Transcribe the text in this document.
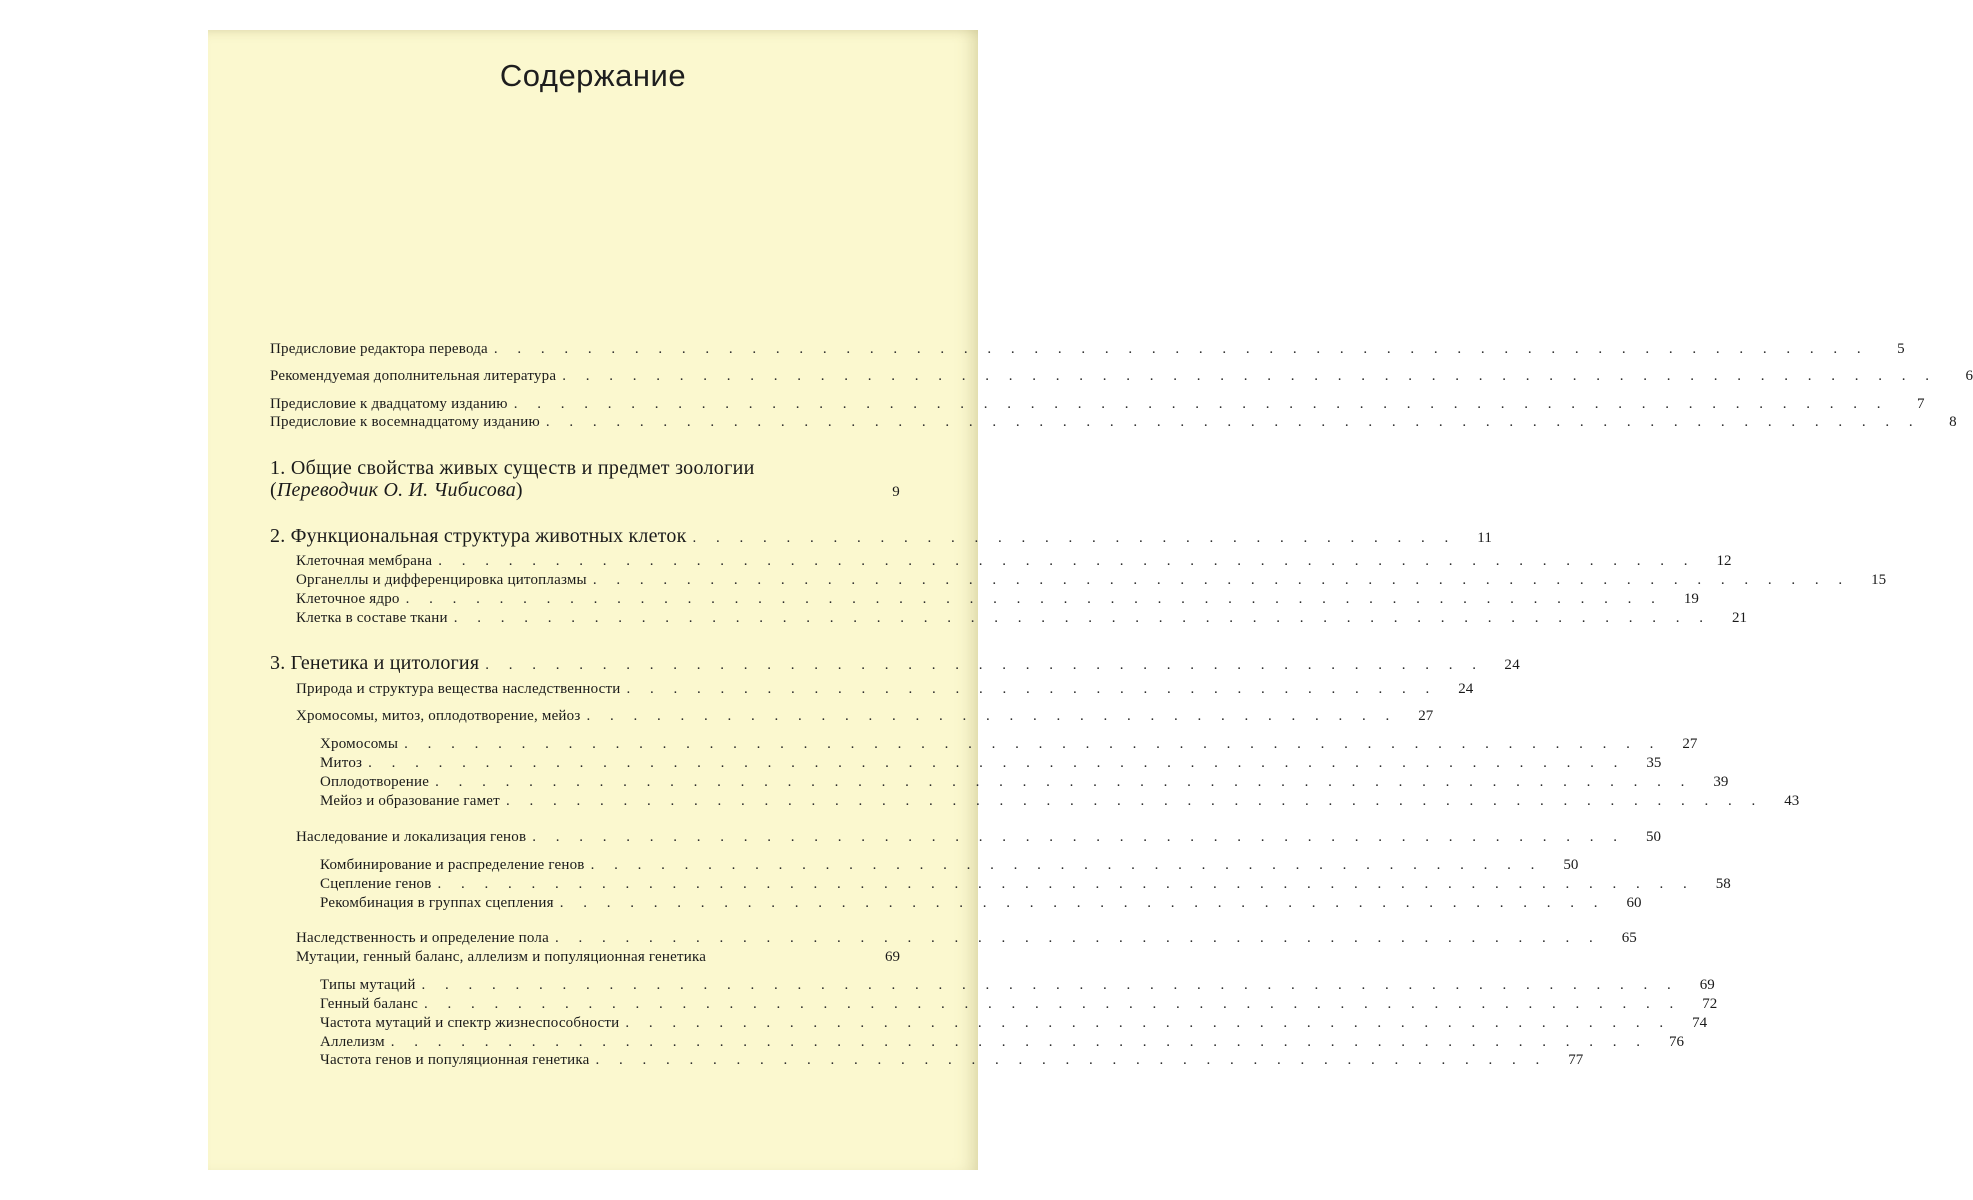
Содержание
Предисловие редактора перевода . . . . . . . . . . . . . . . . . . . . . . . . . . . . . . . . . . . . . . . . . . . . . . . . . . . . . . . . . . .	5
Рекомендуемая дополнительная литература . . . . . . . . . . . . . . . . . . . . . . . . . . . . . . . . . . . . . . . . . . . . . . . . . . . . . . . . . . .	6
Предисловие к двадцатому изданию . . . . . . . . . . . . . . . . . . . . . . . . . . . . . . . . . . . . . . . . . . . . . . . . . . . . . . . . . . .	7
Предисловие к восемнадцатому изданию . . . . . . . . . . . . . . . . . . . . . . . . . . . . . . . . . . . . . . . . . . . . . . . . . . . . . . . . . . .	8
1. Общие свойства живых существ и предмет зоологии
(Переводчик О. И. Чибисова)	9
2. Функциональная структура животных клеток . . . . . . . . . . . . . . . . . . . . . . . . . . . . . . . . .	11
Клеточная мембрана . . . . . . . . . . . . . . . . . . . . . . . . . . . . . . . . . . . . . . . . . . . . . . . . . . . . . .	12
Органеллы и дифференцировка цитоплазмы . . . . . . . . . . . . . . . . . . . . . . . . . . . . . . . . . . . . . . . . . . . . . . . . . . . . . .	15
Клеточное ядро . . . . . . . . . . . . . . . . . . . . . . . . . . . . . . . . . . . . . . . . . . . . . . . . . . . . . .	19
Клетка в составе ткани . . . . . . . . . . . . . . . . . . . . . . . . . . . . . . . . . . . . . . . . . . . . . . . . . . . . . .	21
3. Генетика и цитология . . . . . . . . . . . . . . . . . . . . . . . . . . . . . . . . . . . . . . . . . . .	24
Природа и структура вещества наследственности . . . . . . . . . . . . . . . . . . . . . . . . . . . . . . . . . . .	24
Хромосомы, митоз, оплодотворение, мейоз . . . . . . . . . . . . . . . . . . . . . . . . . . . . . . . . . . .	27
Хромосомы . . . . . . . . . . . . . . . . . . . . . . . . . . . . . . . . . . . . . . . . . . . . . . . . . . . . . .	27
Митоз . . . . . . . . . . . . . . . . . . . . . . . . . . . . . . . . . . . . . . . . . . . . . . . . . . . . . .	35
Оплодотворение . . . . . . . . . . . . . . . . . . . . . . . . . . . . . . . . . . . . . . . . . . . . . . . . . . . . . .	39
Мейоз и образование гамет . . . . . . . . . . . . . . . . . . . . . . . . . . . . . . . . . . . . . . . . . . . . . . . . . . . . . .	43
Наследование и локализация генов . . . . . . . . . . . . . . . . . . . . . . . . . . . . . . . . . . . . . . . . . . . . . . .	50
Комбинирование и распределение генов . . . . . . . . . . . . . . . . . . . . . . . . . . . . . . . . . . . . . . . . .	50
Сцепление генов . . . . . . . . . . . . . . . . . . . . . . . . . . . . . . . . . . . . . . . . . . . . . . . . . . . . . .	58
Рекомбинация в группах сцепления . . . . . . . . . . . . . . . . . . . . . . . . . . . . . . . . . . . . . . . . . . . . .	60
Наследственность и определение пола . . . . . . . . . . . . . . . . . . . . . . . . . . . . . . . . . . . . . . . . . . . . .	65
Мутации, генный баланс, аллелизм и популяционная генетика	69
Типы мутаций . . . . . . . . . . . . . . . . . . . . . . . . . . . . . . . . . . . . . . . . . . . . . . . . . . . . . .	69
Генный баланс . . . . . . . . . . . . . . . . . . . . . . . . . . . . . . . . . . . . . . . . . . . . . . . . . . . . . .	72
Частота мутаций и спектр жизнеспособности . . . . . . . . . . . . . . . . . . . . . . . . . . . . . . . . . . . . . . . . . . . . .	74
Аллелизм . . . . . . . . . . . . . . . . . . . . . . . . . . . . . . . . . . . . . . . . . . . . . . . . . . . . . .	76
Частота генов и популяционная генетика . . . . . . . . . . . . . . . . . . . . . . . . . . . . . . . . . . . . . . . . .	77
